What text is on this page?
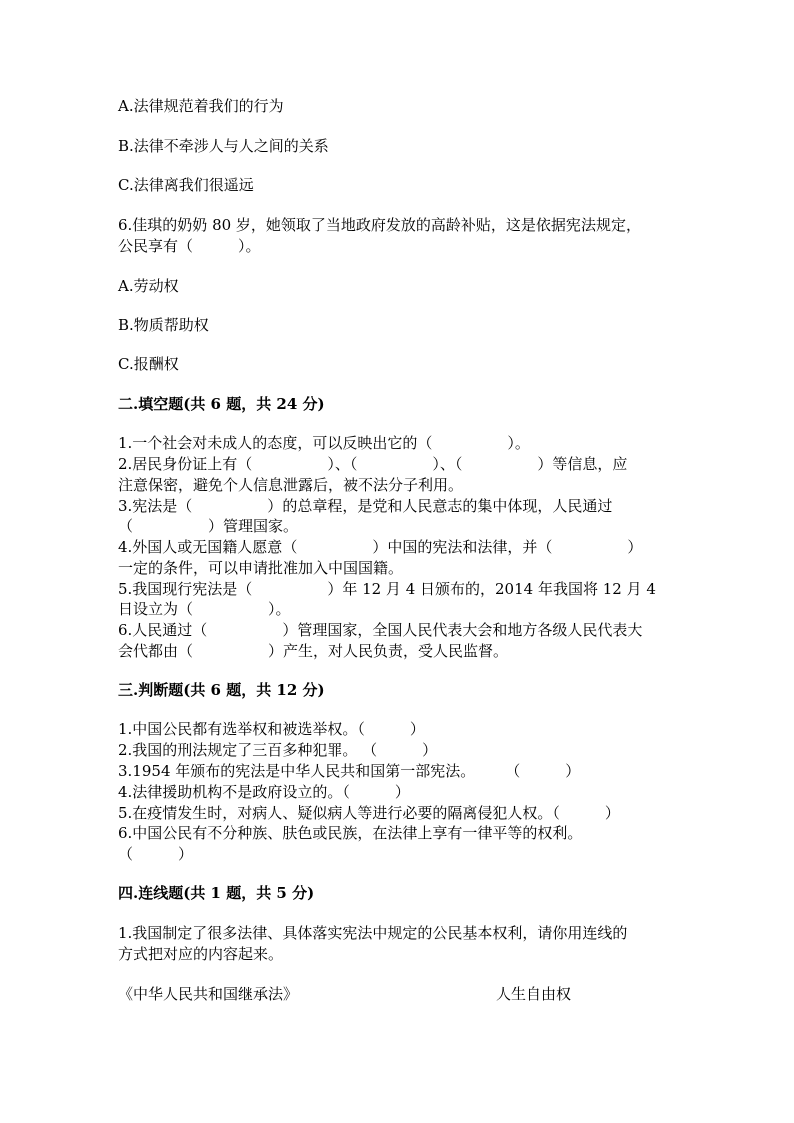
A.法律规范着我们的行为
B.法律不牵涉人与人之间的关系
C.法律离我们很遥远
6.佳琪的奶奶 80 岁，她领取了当地政府发放的高龄补贴，这是依据宪法规定，
公民享有（　　　）。
A.劳动权
B.物质帮助权
C.报酬权
二.填空题(共 6 题，共 24 分)
1.一个社会对未成人的态度，可以反映出它的（　　　　　）。
2.居民身份证上有（　　　　　）、（　　　　　）、（　　　　　）等信息，应
注意保密，避免个人信息泄露后，被不法分子利用。
3.宪法是（　　　　　）的总章程，是党和人民意志的集中体现，人民通过
（　　　　　）管理国家。
4.外国人或无国籍人愿意（　　　　　）中国的宪法和法律，并（　　　　　）
一定的条件，可以申请批准加入中国国籍。
5.我国现行宪法是（　　　　　）年 12 月 4 日颁布的，2014 年我国将 12 月 4
日设立为（　　　　　）。
6.人民通过（　　　　　）管理国家，全国人民代表大会和地方各级人民代表大
会代都由（　　　　　）产生，对人民负责，受人民监督。
三.判断题(共 6 题，共 12 分)
1.中国公民都有选举权和被选举权。（　　　）
2.我国的刑法规定了三百多种犯罪。 （　　　）
3.1954 年颁布的宪法是中华人民共和国第一部宪法。　　　（　　　）
4.法律援助机构不是政府设立的。（　　　）
5.在疫情发生时，对病人、疑似病人等进行必要的隔离侵犯人权。（　　　）
6.中国公民有不分种族、肤色或民族，在法律上享有一律平等的权利。
（　　　）
四.连线题(共 1 题，共 5 分)
1.我国制定了很多法律、具体落实宪法中规定的公民基本权利，请你用连线的
方式把对应的内容起来。
《中华人民共和国继承法》	人生自由权
